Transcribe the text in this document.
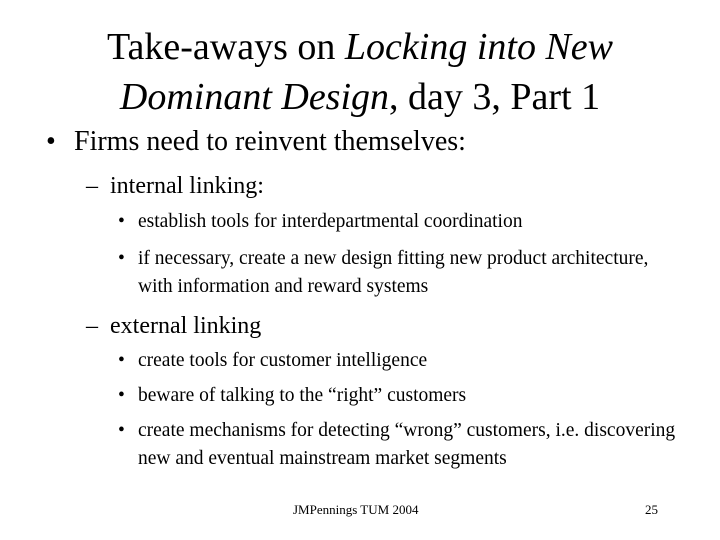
Take-aways on Locking into New
Dominant Design, day 3, Part 1
• Firms need to reinvent themselves:
– internal linking:
• establish tools for interdepartmental coordination
• if necessary, create a new design fitting new product architecture, with information and reward systems
– external linking
• create tools for customer intelligence
• beware of talking to the “right” customers
• create mechanisms for detecting “wrong” customers, i.e. discovering new and eventual mainstream market segments
JMPennings TUM 2004	25
